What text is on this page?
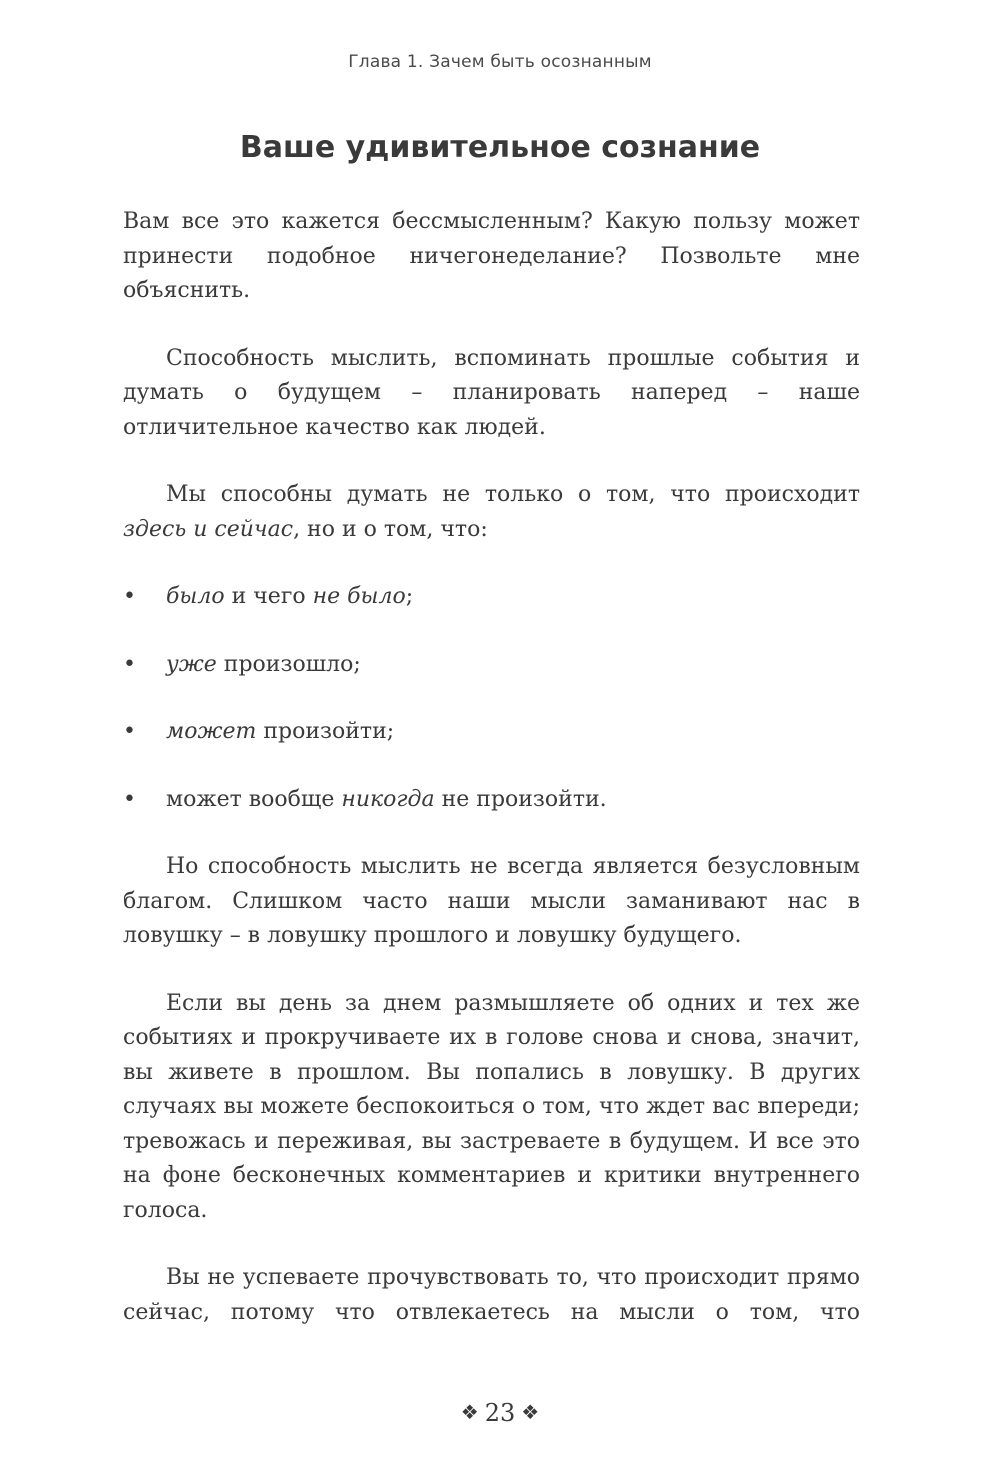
Глава 1. Зачем быть осознанным
Ваше удивительное сознание

Вам все это кажется бессмысленным? Какую пользу может принести подобное ничегонеделание? Позвольте мне объяснить.

Способность мыслить, вспоминать прошлые события и думать о будущем – планировать наперед – наше отличительное качество как людей.

Мы способны думать не только о том, что происходит здесь и сейчас, но и о том, что:

• было и чего не было;
• уже произошло;
• может произойти;
• может вообще никогда не произойти.

Но способность мыслить не всегда является безусловным благом. Слишком часто наши мысли заманивают нас в ловушку – в ловушку прошлого и ловушку будущего.

Если вы день за днем размышляете об одних и тех же событиях и прокручиваете их в голове снова и снова, значит, вы живете в прошлом. Вы попались в ловушку. В других случаях вы можете беспокоиться о том, что ждет вас впереди; тревожась и переживая, вы застреваете в будущем. И все это на фоне бесконечных комментариев и критики внутреннего голоса.

Вы не успеваете прочувствовать то, что происходит прямо сейчас, потому что отвлекаетесь на мысли о том, что

❖ 23 ❖
